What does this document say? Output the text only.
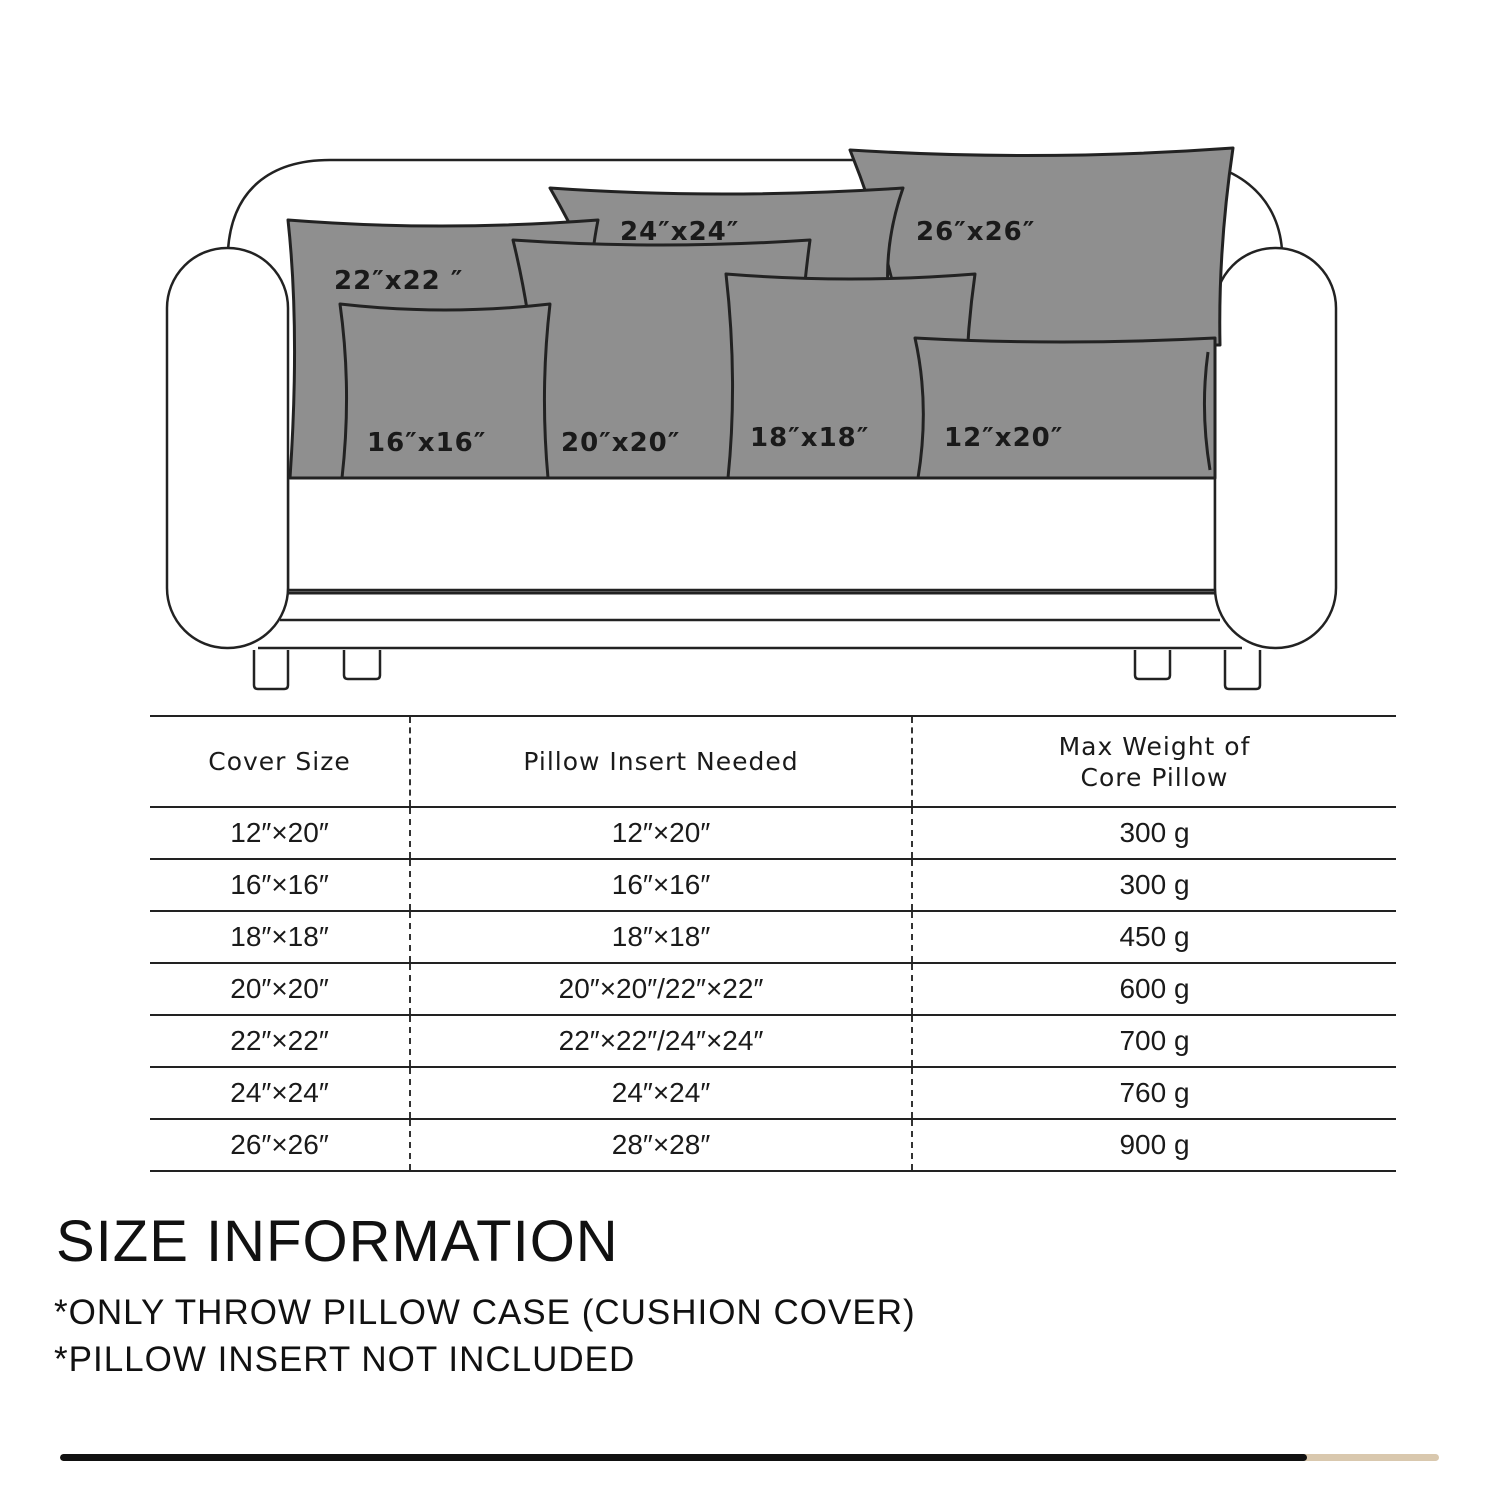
22″x22 ″
24″x24″	26″x26″
16″x16″	20″x20″	18″x18″	12″x20″
Cover Size	Pillow Insert Needed	Max Weight of
Core Pillow
12″×20″	12″×20″	300 g
16″×16″	16″×16″	300 g
18″×18″	18″×18″	450 g
20″×20″	20″×20″/22″×22″	600 g
22″×22″	22″×22″/24″×24″	700 g
24″×24″	24″×24″	760 g
26″×26″	28″×28″	900 g
SIZE INFORMATION

*ONLY THROW PILLOW CASE (CUSHION COVER)

*PILLOW INSERT NOT INCLUDED
